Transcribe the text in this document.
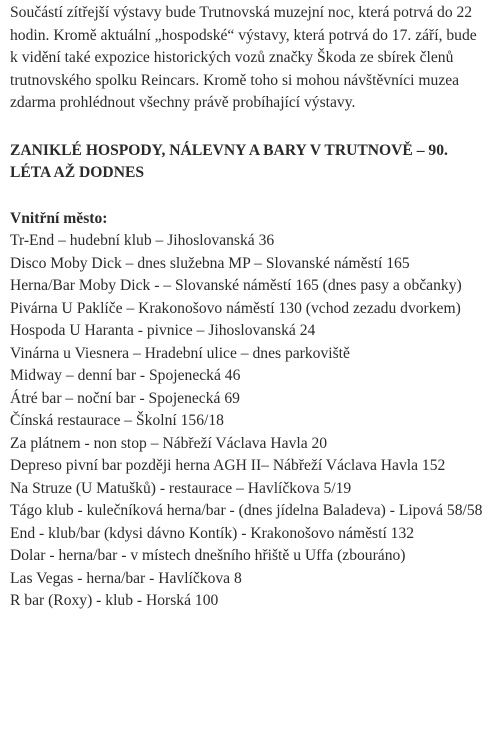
Součástí zítřejší výstavy bude Trutnovská muzejní noc, která potrvá do 22 hodin. Kromě aktuální „hospodské“ výstavy, která potrvá do 17. září, bude k vidění také expozice historických vozů značky Škoda ze sbírek členů trutnovského spolku Reincars. Kromě toho si mohou návštěvníci muzea zdarma prohlédnout všechny právě probíhající výstavy.

ZANIKLÉ HOSPODY, NÁLEVNY A BARY V TRUTNOVĚ – 90. LÉTA AŽ DODNES

Vnitřní město:

Tr-End – hudební klub – Jihoslovanská 36
Disco Moby Dick – dnes služebna MP – Slovanské náměstí 165
Herna/Bar Moby Dick - – Slovanské náměstí 165 (dnes pasy a občanky)
Pivárna U Paklíče – Krakonošovo náměstí 130 (vchod zezadu dvorkem)
Hospoda U Haranta - pivnice – Jihoslovanská 24
Vinárna u Viesnera – Hradební ulice – dnes parkoviště
Midway – denní bar - Spojenecká 46
Átré bar – noční bar - Spojenecká 69
Čínská restaurace – Školní 156/18
Za plátnem - non stop – Nábřeží Václava Havla 20
Depreso pivní bar později herna AGH II– Nábřeží Václava Havla 152
Na Struze (U Matušků) - restaurace – Havlíčkova 5/19
Tágo klub - kulečníková herna/bar - (dnes jídelna Baladeva) - Lipová 58/58
End - klub/bar (kdysi dávno Kontík) - Krakonošovo náměstí 132
Dolar - herna/bar - v místech dnešního hřiště u Uffa (zbouráno)
Las Vegas - herna/bar - Havlíčkova 8
R bar (Roxy) - klub - Horská 100
